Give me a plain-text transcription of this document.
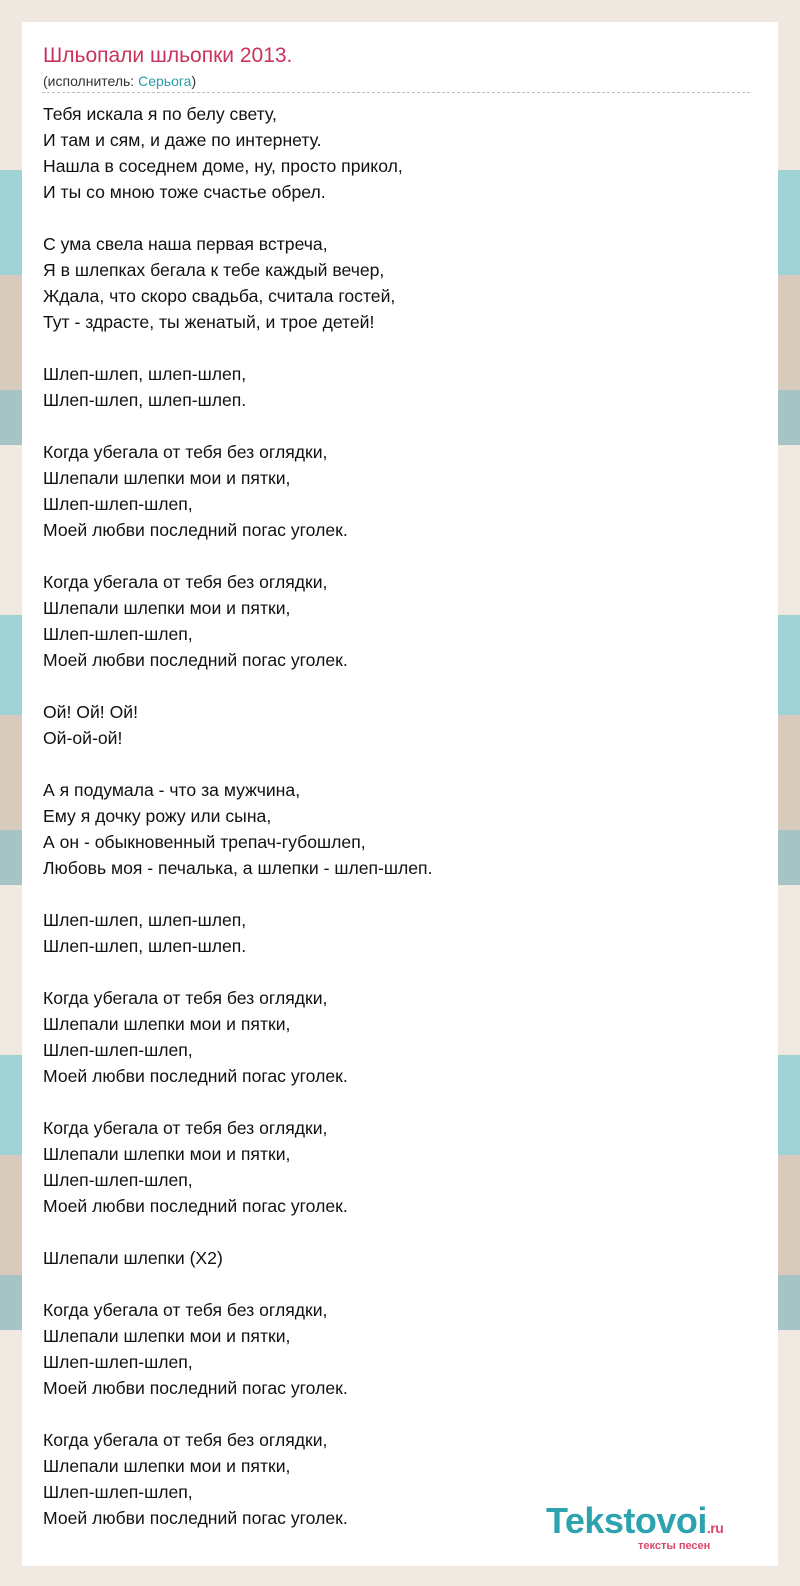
Шльопали шльопки 2013.
(исполнитель: Серьога)
Тебя искала я по белу свету,
И там и сям, и даже по интернету.
Нашла в соседнем доме, ну, просто прикол,
И ты со мною тоже счастье обрел.
С ума свела наша первая встреча,
Я в шлепках бегала к тебе каждый вечер,
Ждала, что скоро свадьба, считала гостей,
Тут - здрасте, ты женатый, и трое детей!
Шлеп-шлеп, шлеп-шлеп,
Шлеп-шлеп, шлеп-шлеп.
Когда убегала от тебя без оглядки,
Шлепали шлепки мои и пятки,
Шлеп-шлеп-шлеп,
Моей любви последний погас уголек.
Когда убегала от тебя без оглядки,
Шлепали шлепки мои и пятки,
Шлеп-шлеп-шлеп,
Моей любви последний погас уголек.
Ой! Ой! Ой!
Ой-ой-ой!
А я подумала - что за мужчина,
Ему я дочку рожу или сына,
А он - обыкновенный трепач-губошлеп,
Любовь моя - печалька, а шлепки - шлеп-шлеп.
Шлеп-шлеп, шлеп-шлеп,
Шлеп-шлеп, шлеп-шлеп.
Когда убегала от тебя без оглядки,
Шлепали шлепки мои и пятки,
Шлеп-шлеп-шлеп,
Моей любви последний погас уголек.
Когда убегала от тебя без оглядки,
Шлепали шлепки мои и пятки,
Шлеп-шлеп-шлеп,
Моей любви последний погас уголек.
Шлепали шлепки (X2)
Когда убегала от тебя без оглядки,
Шлепали шлепки мои и пятки,
Шлеп-шлеп-шлеп,
Моей любви последний погас уголек.
Когда убегала от тебя без оглядки,
Шлепали шлепки мои и пятки,
Шлеп-шлеп-шлеп,
Моей любви последний погас уголек.	Tekstovoi.ru
тексты песен
